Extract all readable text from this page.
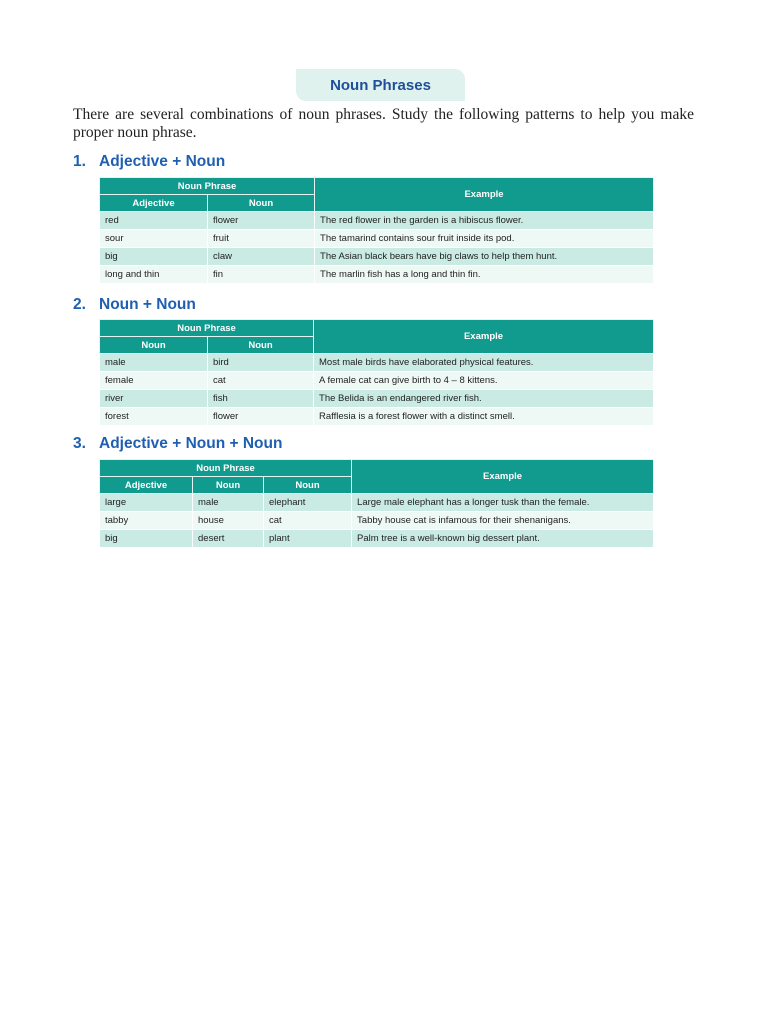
Noun Phrases

There are several combinations of noun phrases. Study the following patterns to help you make proper noun phrase.

1. Adjective + Noun
Noun Phrase		Example
Adjective	Noun	
red	flower	The red flower in the garden is a hibiscus flower.
sour	fruit	The tamarind contains sour fruit inside its pod.
big	claw	The Asian black bears have big claws to help them hunt.
long and thin	fin	The marlin fish has a long and thin fin.
2. Noun + Noun
Noun Phrase		Example
Noun	Noun	
male	bird	Most male birds have elaborated physical features.
female	cat	A female cat can give birth to 4 – 8 kittens.
river	fish	The Belida is an endangered river fish.
forest	flower	Rafflesia is a forest flower with a distinct smell.
3. Adjective + Noun + Noun
Noun Phrase			Example
Adjective	Noun	Noun	
large	male	elephant	Large male elephant has a longer tusk than the female.
tabby	house	cat	Tabby house cat is infamous for their shenanigans.
big	desert	plant	Palm tree is a well-known big dessert plant.
